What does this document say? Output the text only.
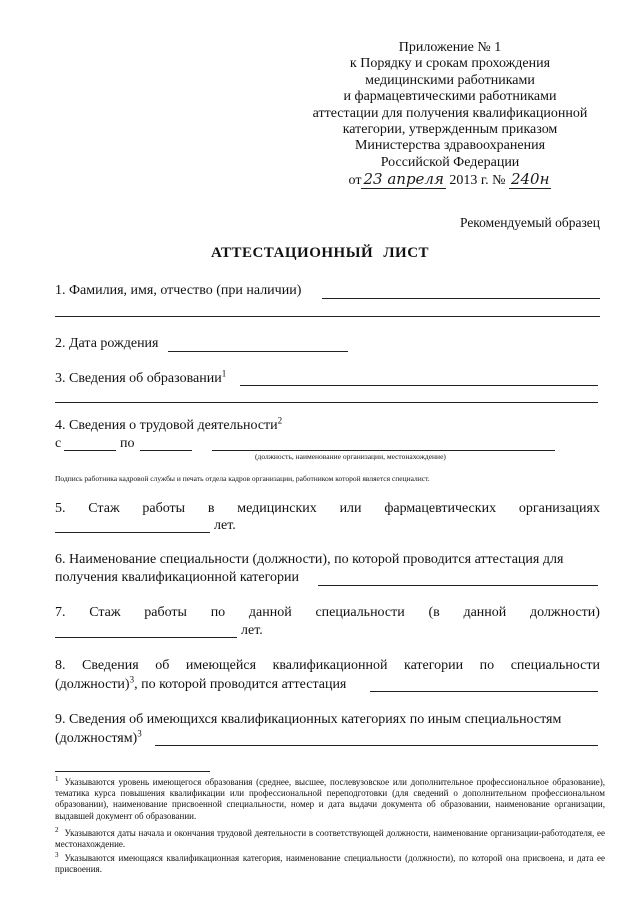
Приложение № 1
к Порядку и срокам прохождения
медицинскими работниками
и фармацевтическими работниками
аттестации для получения квалификационной
категории, утвержденным приказом
Министерства здравоохранения
Российской Федерации
от 23 апреля 2013 г. № 240н
Рекомендуемый образец
АТТЕСТАЦИОННЫЙ ЛИСТ
1. Фамилия, имя, отчество (при наличии)
2. Дата рождения
3. Сведения об образовании$^1$
4. Сведения о трудовой деятельности$^2$
с	по
(должность, наименование организации, местонахождение)
Подпись работника кадровой службы и печать отдела кадров организации, работником которой является специалист.
5. Стаж работы в медицинских или фармацевтических организациях
лет.
6. Наименование специальности (должности), по которой проводится аттестация для
получения квалификационной категории
7. Стаж работы по данной специальности (в данной должности)
лет.
8. Сведения об имеющейся квалификационной категории по специальности
(должности)$^3$, по которой проводится аттестация
9. Сведения об имеющихся квалификационных категориях по иным специальностям
(должностям)$^3$
$^1$ Указываются уровень имеющегося образования (среднее, высшее, послевузовское или дополнительное профессиональное образование), тематика курса повышения квалификации или профессиональной переподготовки (для сведений о дополнительном профессиональном образовании), наименование присвоенной специальности, номер и дата выдачи документа об образовании, наименование организации, выдавшей документ об образовании.
$^2$ Указываются даты начала и окончания трудовой деятельности в соответствующей должности, наименование организации-работодателя, ее местонахождение.
$^3$ Указываются имеющаяся квалификационная категория, наименование специальности (должности), по которой она присвоена, и дата ее присвоения.
